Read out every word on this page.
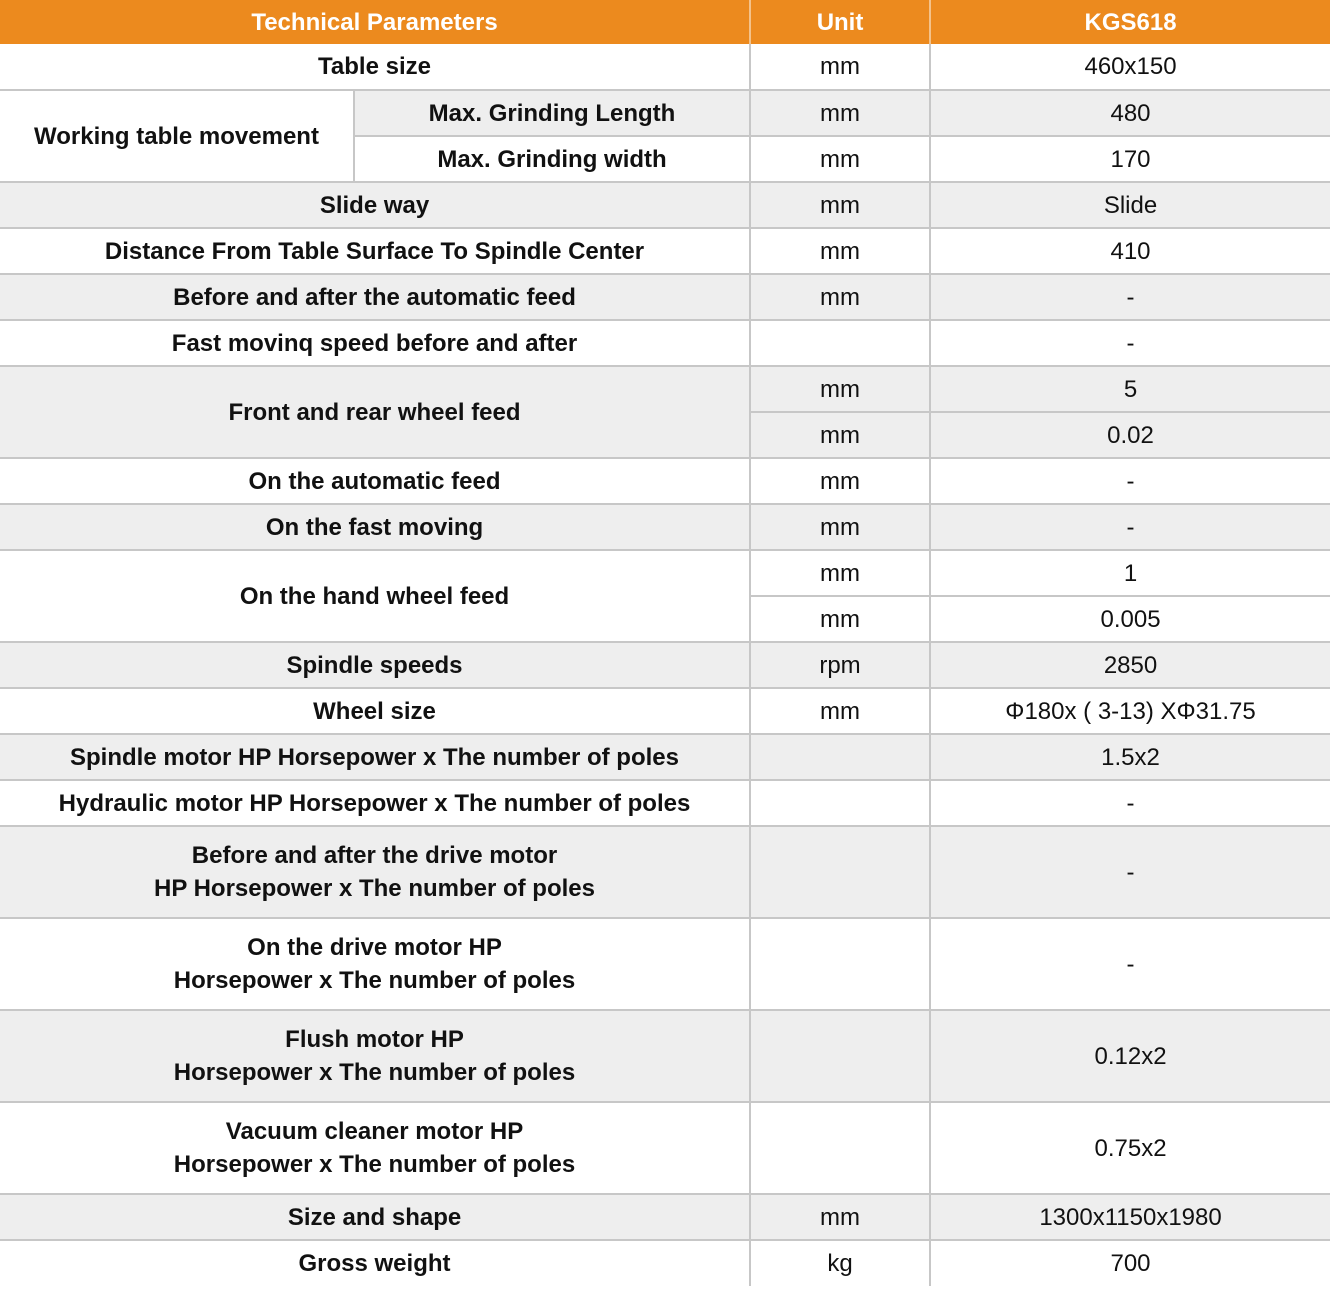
Technical Parameters		Unit	KGS618
Table size		mm	460x150
Working table movement	Max. Grinding Length	mm	480
	Max. Grinding width	mm	170
Slide way		mm	Slide
Distance From Table Surface To Spindle Center		mm	410
Before and after the automatic feed		mm	-
Fast movinq speed before and after			-
Front and rear wheel feed		mm	5
		mm	0.02
On the automatic feed		mm	-
On the fast moving		mm	-
On the hand wheel feed		mm	1
		mm	0.005
Spindle speeds		rpm	2850
Wheel size		mm	Φ180x ( 3-13) XΦ31.75
Spindle motor HP Horsepower x The number of poles			1.5x2
Hydraulic motor HP Horsepower x The number of poles			-

Before and after the drive motor
HP Horsepower x The number of poles			-

On the drive motor HP
Horsepower x The number of poles			-

Flush motor HP
Horsepower x The number of poles			0.12x2

Vacuum cleaner motor HP
Horsepower x The number of poles			0.75x2
Size and shape		mm	1300x1150x1980
Gross weight		kg	700
